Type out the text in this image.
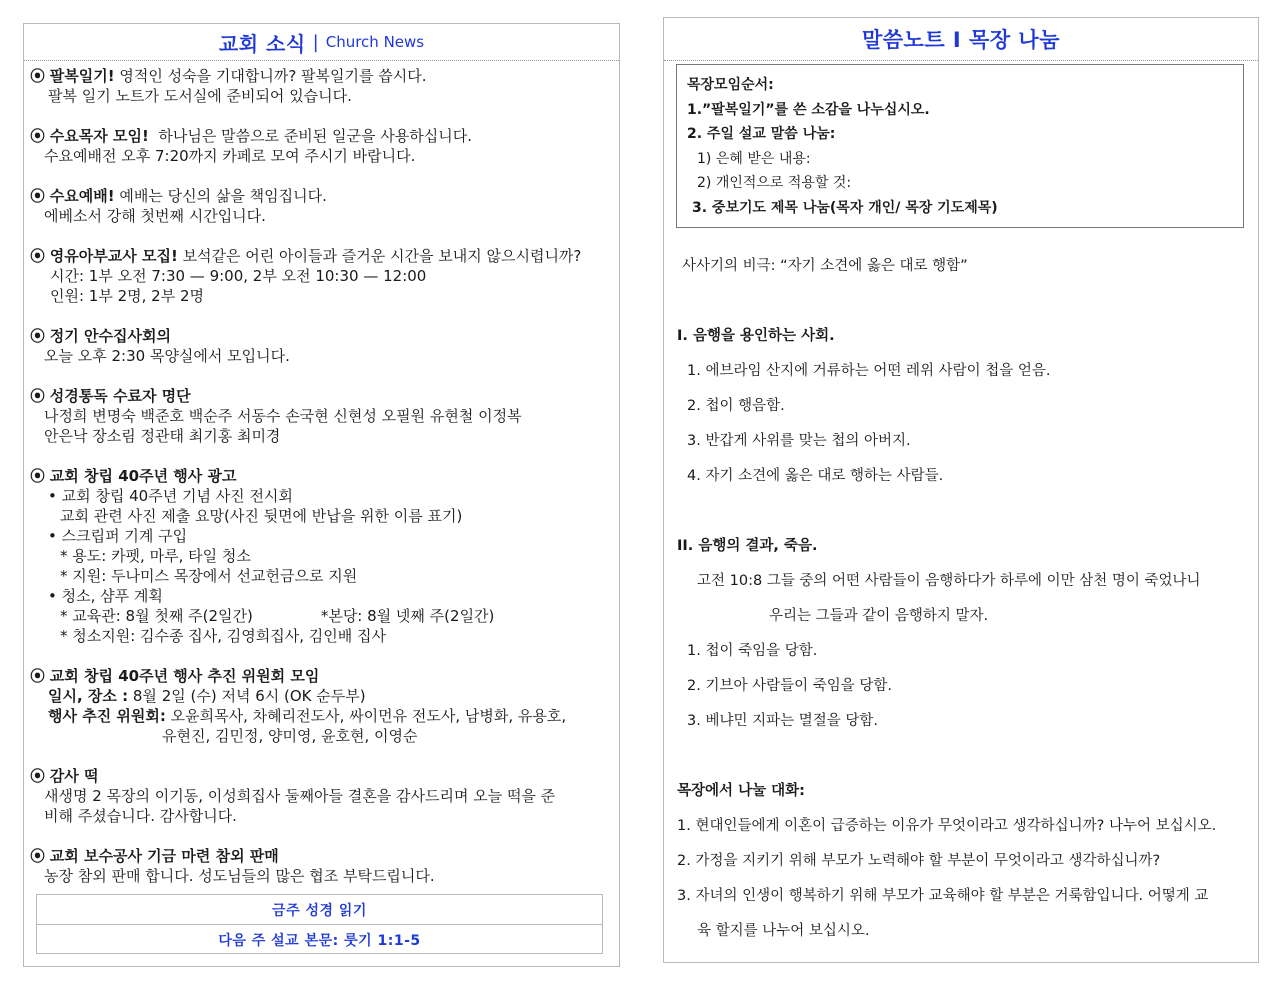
교회 소식 | Church News
⦿ 팔복일기! 영적인 성숙을 기대합니까? 팔복일기를 씁시다.
팔복 일기 노트가 도서실에 준비되어 있습니다.
⦿ 수요목자 모임! 하나님은 말씀으로 준비된 일군을 사용하십니다.
수요예배전 오후 7:20까지 카페로 모여 주시기 바랍니다.
⦿ 수요예배! 예배는 당신의 삶을 책임집니다.
에베소서 강해 첫번째 시간입니다.
⦿ 영유아부교사 모집! 보석같은 어린 아이들과 즐거운 시간을 보내지 않으시렵니까?
시간: 1부 오전 7:30 — 9:00, 2부 오전 10:30 — 12:00
인원: 1부 2명, 2부 2명
⦿ 정기 안수집사회의
오늘 오후 2:30 목양실에서 모입니다.
⦿ 성경통독 수료자 명단
나정희 변명숙 백준호 백순주 서동수 손국현 신현성 오필원 유현철 이정복
안은낙 장소림 정관태 최기홍 최미경
⦿ 교회 창립 40주년 행사 광고
• 교회 창립 40주년 기념 사진 전시회
교회 관련 사진 제출 요망(사진 뒷면에 반납을 위한 이름 표기)
• 스크립퍼 기계 구입
* 용도: 카펫, 마루, 타일 청소
* 지원: 두나미스 목장에서 선교헌금으로 지원
• 청소, 샴푸 계획
* 교육관: 8월 첫째 주(2일간)	*본당: 8월 넷째 주(2일간)
* 청소지원: 김수종 집사, 김영희집사, 김인배 집사
⦿ 교회 창립 40주년 행사 추진 위원회 모임
일시, 장소 : 8월 2일 (수) 저녁 6시 (OK 순두부)
행사 추진 위원회: 오윤희목사, 차혜리전도사, 싸이먼유 전도사, 남병화, 유용호,
유현진, 김민정, 양미영, 윤호현, 이영순
⦿ 감사 떡
새생명 2 목장의 이기동, 이성희집사 둘째아들 결혼을 감사드리며 오늘 떡을 준
비해 주셨습니다. 감사합니다.
⦿ 교회 보수공사 기금 마련 참외 판매
농장 참외 판매 합니다. 성도님들의 많은 협조 부탁드립니다.
금주 성경 읽기
다음 주 설교 본문: 룻기 1:1-5
말씀노트 I 목장 나눔
목장모임순서:
1.”팔복일기”를 쓴 소감을 나누십시오.
2. 주일 설교 말씀 나눔:
1) 은혜 받은 내용:
2) 개인적으로 적용할 것:
3. 중보기도 제목 나눔(목자 개인/ 목장 기도제목)
사사기의 비극: “자기 소견에 옳은 대로 행함”
I. 음행을 용인하는 사회.
1. 에브라임 산지에 거류하는 어떤 레위 사람이 첩을 얻음.
2. 첩이 행음함.
3. 반갑게 사위를 맞는 첩의 아버지.
4. 자기 소견에 옳은 대로 행하는 사람들.
II. 음행의 결과, 죽음.
고전 10:8 그들 중의 어떤 사람들이 음행하다가 하루에 이만 삼천 명이 죽었나니
우리는 그들과 같이 음행하지 말자.
1. 첩이 죽임을 당함.
2. 기브아 사람들이 죽임을 당함.
3. 베냐민 지파는 멸절을 당함.
목장에서 나눌 대화:
1. 현대인들에게 이혼이 급증하는 이유가 무엇이라고 생각하십니까? 나누어 보십시오.
2. 가정을 지키기 위해 부모가 노력해야 할 부분이 무엇이라고 생각하십니까?
3. 자녀의 인생이 행복하기 위해 부모가 교육해야 할 부분은 거룩함입니다. 어떻게 교
육 할지를 나누어 보십시오.
